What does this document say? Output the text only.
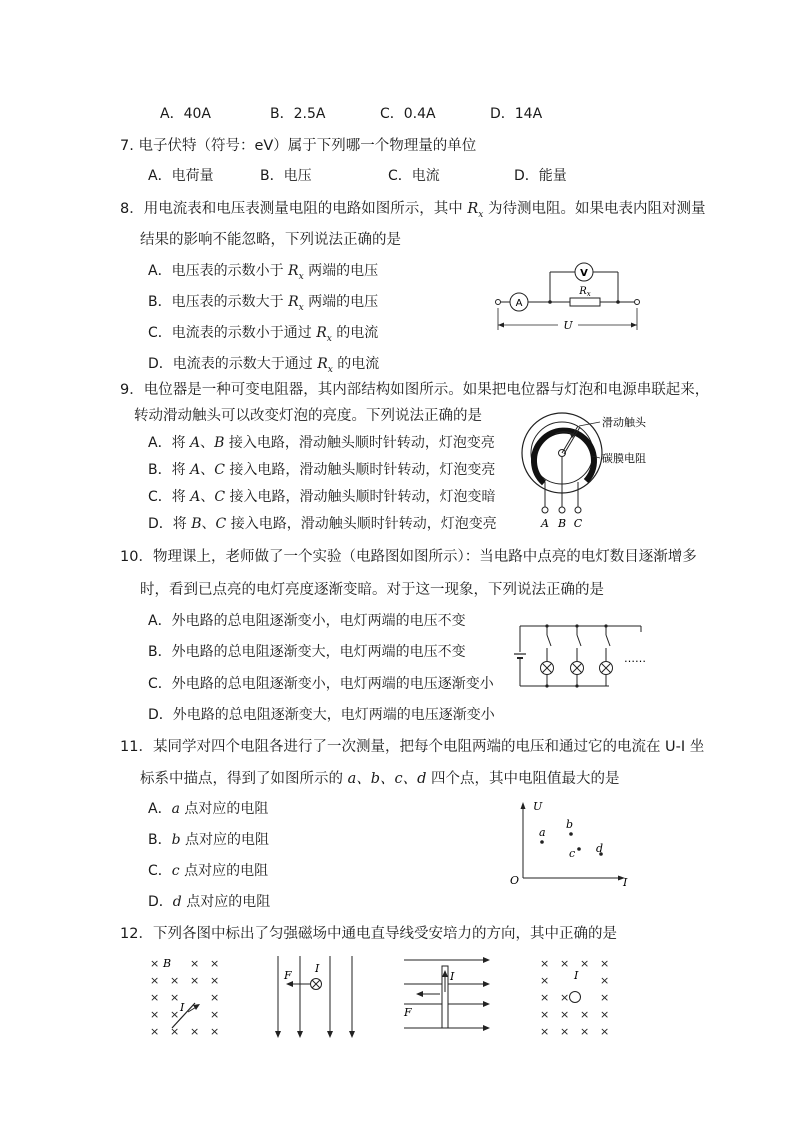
A．40A	B．2.5A	C．0.4A	D．14A
7. 电子伏特（符号：eV）属于下列哪一个物理量的单位
A．电荷量	B．电压	C．电流	D．能量
8．用电流表和电压表测量电阻的电路如图所示，其中 $R_x$ 为待测电阻。如果电表内阻对测量
结果的影响不能忽略，下列说法正确的是
A．电压表的示数小于 $R_x$ 两端的电压
B．电压表的示数大于 $R_x$ 两端的电压
C．电流表的示数小于通过 $R_x$ 的电流
D．电流表的示数大于通过 $R_x$ 的电流
A
V
$R_x$
U
9．电位器是一种可变电阻器，其内部结构如图所示。如果把电位器与灯泡和电源串联起来，
转动滑动触头可以改变灯泡的亮度。下列说法正确的是
A．将 A、B 接入电路，滑动触头顺时针转动，灯泡变亮
B．将 A、C 接入电路，滑动触头顺时针转动，灯泡变亮
C．将 A、C 接入电路，滑动触头顺时针转动，灯泡变暗
D．将 B、C 接入电路，滑动触头顺时针转动，灯泡变亮
滑动触头
碳膜电阻
A B C
10．物理课上，老师做了一个实验（电路图如图所示）：当电路中点亮的电灯数目逐渐增多
时，看到已点亮的电灯亮度逐渐变暗。对于这一现象，下列说法正确的是
A．外电路的总电阻逐渐变小，电灯两端的电压不变
B．外电路的总电阻逐渐变大，电灯两端的电压不变
C．外电路的总电阻逐渐变小，电灯两端的电压逐渐变小
D．外电路的总电阻逐渐变大，电灯两端的电压逐渐变小
……
11．某同学对四个电阻各进行了一次测量，把每个电阻两端的电压和通过它的电流在 U-I 坐
标系中描点，得到了如图所示的 a、b、c、d 四个点，其中电阻值最大的是
A．a 点对应的电阻
B．b 点对应的电阻
C．c 点对应的电阻
D．d 点对应的电阻
U
I
O
a
b
c d
12．下列各图中标出了匀强磁场中通电直导线受安培力的方向，其中正确的是
×	× ×
× × × ×
× ×	×
× ×	×
× × × ×
B
I
F
I
I
F
× × × ×
×	×
× ×	×
× × × ×
× × × ×
I
